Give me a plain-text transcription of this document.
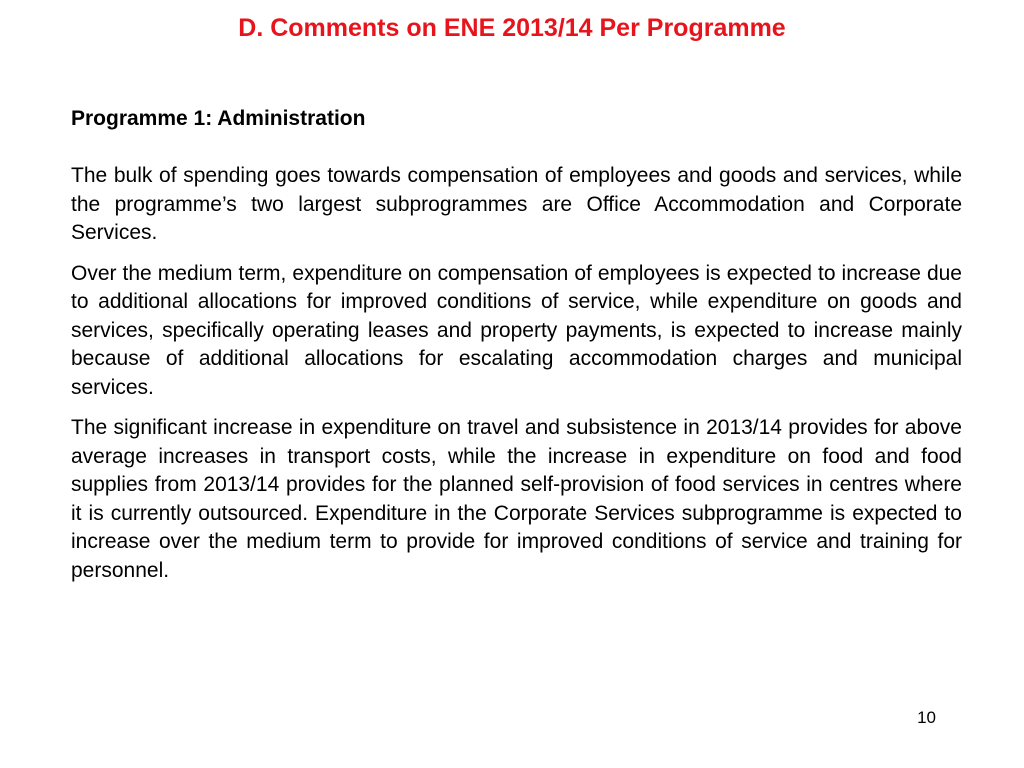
D. Comments on ENE 2013/14 Per Programme
Programme 1: Administration

The bulk of spending goes towards compensation of employees and goods and services, while the programme’s two largest subprogrammes are Office Accommodation and Corporate Services.

Over the medium term, expenditure on compensation of employees is expected to increase due to additional allocations for improved conditions of service, while expenditure on goods and services, specifically operating leases and property payments, is expected to increase mainly because of additional allocations for escalating accommodation charges and municipal services.

The significant increase in expenditure on travel and subsistence in 2013/14 provides for above average increases in transport costs, while the increase in expenditure on food and food supplies from 2013/14 provides for the planned self-provision of food services in centres where it is currently outsourced. Expenditure in the Corporate Services subprogramme is expected to increase over the medium term to provide for improved conditions of service and training for personnel.

10
